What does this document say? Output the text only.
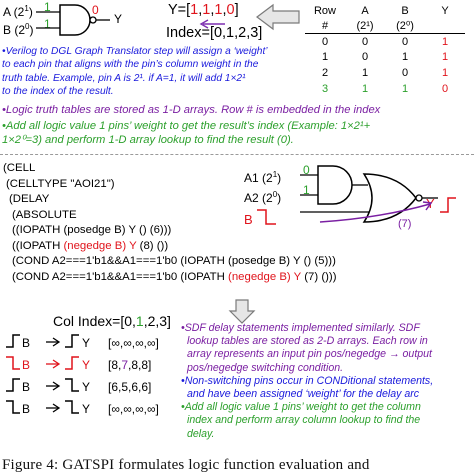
A $(2^1)$
B $(2^0)$
1
1
0
Y
Y=[1,1,1,0]
Index=[0,1,2,3]
Row	A	B	Y
#	(2¹)	(2⁰)	
0	0	0	1
1	0	1	1
2	1	0	1
3	1	1	0
•Verilog to DGL Graph Translator step will assign a ‘weight’
to each pin that aligns with the pin’s column weight in the
truth table. Example, pin A is 2¹. if A=1, it will add 1×2¹
to the index of the result.
•Logic truth tables are stored as 1-D arrays. Row # is embedded in the index
•Add all logic value 1 pins’ weight to get the result’s index (Example: 1×2¹+
1×2⁰=3) and perform 1-D array lookup to find the result (0).
(CELL
(CELLTYPE "AOI21")
(DELAY
(ABSOLUTE
((IOPATH (posedge B) Y () (6)))
((IOPATH (negedge B) Y (8) ())
(COND A2===1'b1&&A1===1'b0 (IOPATH (posedge B) Y () (5)))
(COND A2===1'b1&&A1===1'b0 (IOPATH (negedge B) Y (7) ()))
A1 $(2^1)$
A2 $(2^0)$
0
1
B
Y
(7)
Col Index=[0,1,2,3]
B	Y [∞,∞,∞,∞]
B	Y [8,7,8,8]
B	Y [6,5,6,6]
B	Y [∞,∞,∞,∞]
•SDF delay statements implemented similarly. SDF
lookup tables are stored as 2-D arrays. Each row in
array represents an input pin pos/negedge → output
pos/negedge switching condition.
•Non-switching pins occur in CONDitional statements,
and have been assigned ‘weight’ for the delay arc
•Add all logic value 1 pins’ weight to get the column
index and perform array column lookup to find the
delay.
Figure 4: GATSPI formulates logic function evaluation and
